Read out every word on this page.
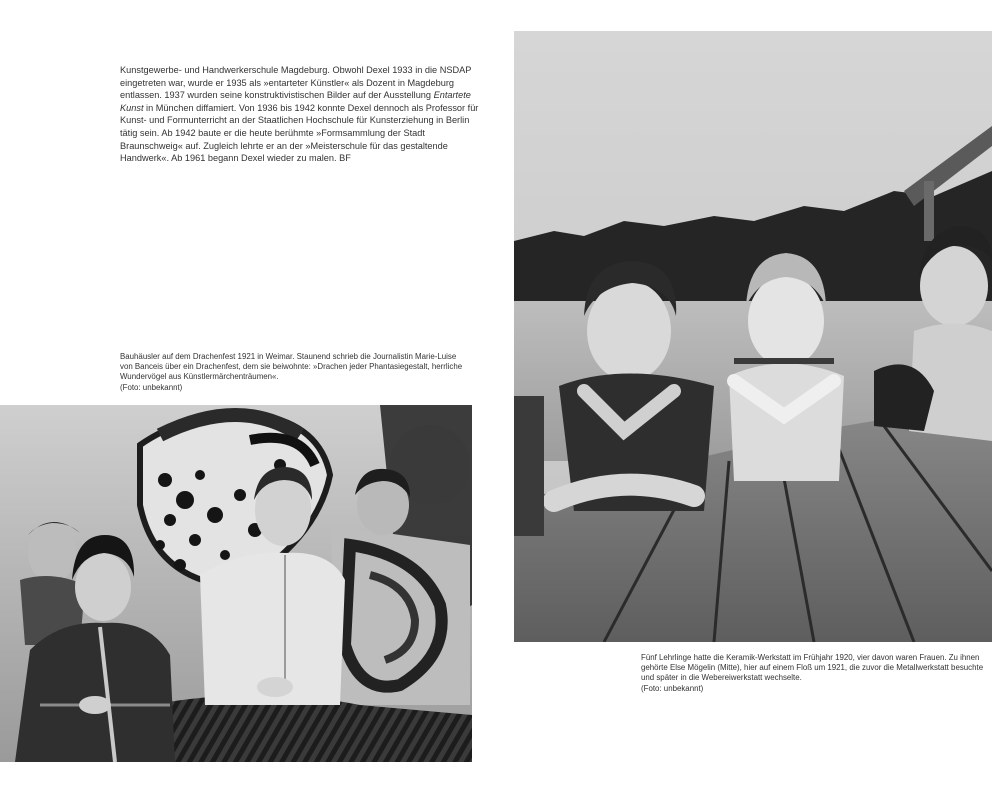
Kunstgewerbe- und Handwerkerschule Magdeburg. Obwohl Dexel 1933 in die NSDAP eingetreten war, wurde er 1935 als »entarteter Künstler« als Dozent in Magdeburg entlassen. 1937 wurden seine konstruktivistischen Bilder auf der Ausstellung Entartete Kunst in München diffamiert. Von 1936 bis 1942 konnte Dexel dennoch als Professor für Kunst- und Formunterricht an der Staatlichen Hochschule für Kunsterziehung in Berlin tätig sein. Ab 1942 baute er die heute berühmte »Formsammlung der Stadt Braunschweig« auf. Zugleich lehrte er an der »Meisterschule für das gestaltende Handwerk«. Ab 1961 begann Dexel wieder zu malen. BF

Bauhäusler auf dem Drachenfest 1921 in Weimar. Staunend schrieb die Journalistin Marie-Luise von Banceis über ein Drachenfest, dem sie beiwohnte: »Drachen jeder Phantasiegestalt, herrliche Wundervögel aus Künstlermärchenträumen«.

(Foto: unbekannt)

Fünf Lehrlinge hatte die Keramik-Werkstatt im Frühjahr 1920, vier davon waren Frauen. Zu ihnen gehörte Else Mögelin (Mitte), hier auf einem Floß um 1921, die zuvor die Metallwerkstatt besuchte und später in die Webereiwerkstatt wechselte.

(Foto: unbekannt)
